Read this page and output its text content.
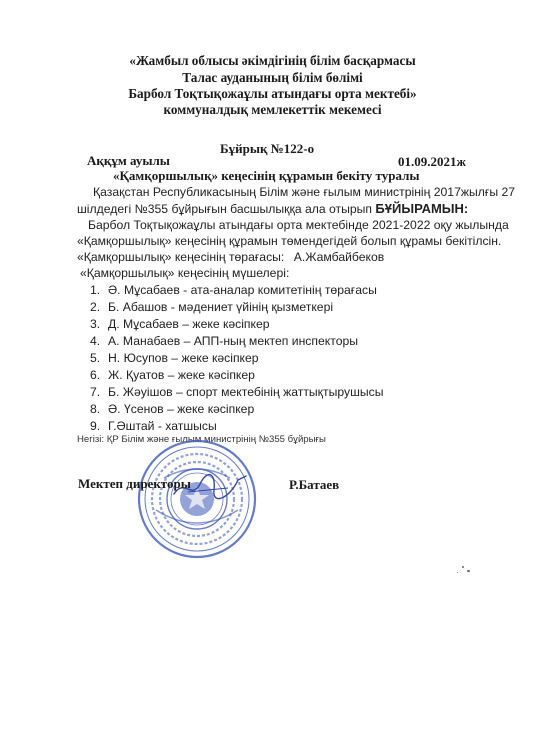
«Жамбыл облысы әкімдігінің білім басқармасы
Талас ауданының білім бөлімі
Барбол Тоқтықожаұлы атындағы орта мектебі»
коммуналдық мемлекеттік мекемесі
Бұйрық №122-о
Аққұм ауылы	01.09.2021ж
«Қамқоршылық» кеңесінің құрамын бекіту туралы
Қазақстан Республикасының Білім және ғылым министрінің 2017жылғы 27
шілдедегі №355 бұйрығын басшылыққа ала отырып БҰЙЫРАМЫН:
Барбол Тоқтықожаұлы атындағы орта мектебінде 2021-2022 оқу жылында
«Қамқоршылық» кеңесінің құрамын төмендегідей болып құрамы бекітілсін.
«Қамқоршылық» кеңесінің төрағасы: А.Жамбайбеков
«Қамқоршылық» кеңесінің мүшелері:
1. Ә. Мұсабаев - ата-аналар комитетінің төрағасы
2. Б. Абашов - мәдениет үйінің қызметкері
3. Д. Мұсабаев – жеке кәсіпкер
4. А. Манабаев – АПП-ның мектеп инспекторы
5. Н. Юсупов – жеке кәсіпкер
6. Ж. Қуатов – жеке кәсіпкер
7. Б. Жәуішов – спорт мектебінің жаттықтырушысы
8. Ә. Үсенов – жеке кәсіпкер
9. Г.Әштай - хатшысы
Негізі: ҚР Білім және ғылым министрінің №355 бұйрығы
Мектеп директоры	Р.Батаев
